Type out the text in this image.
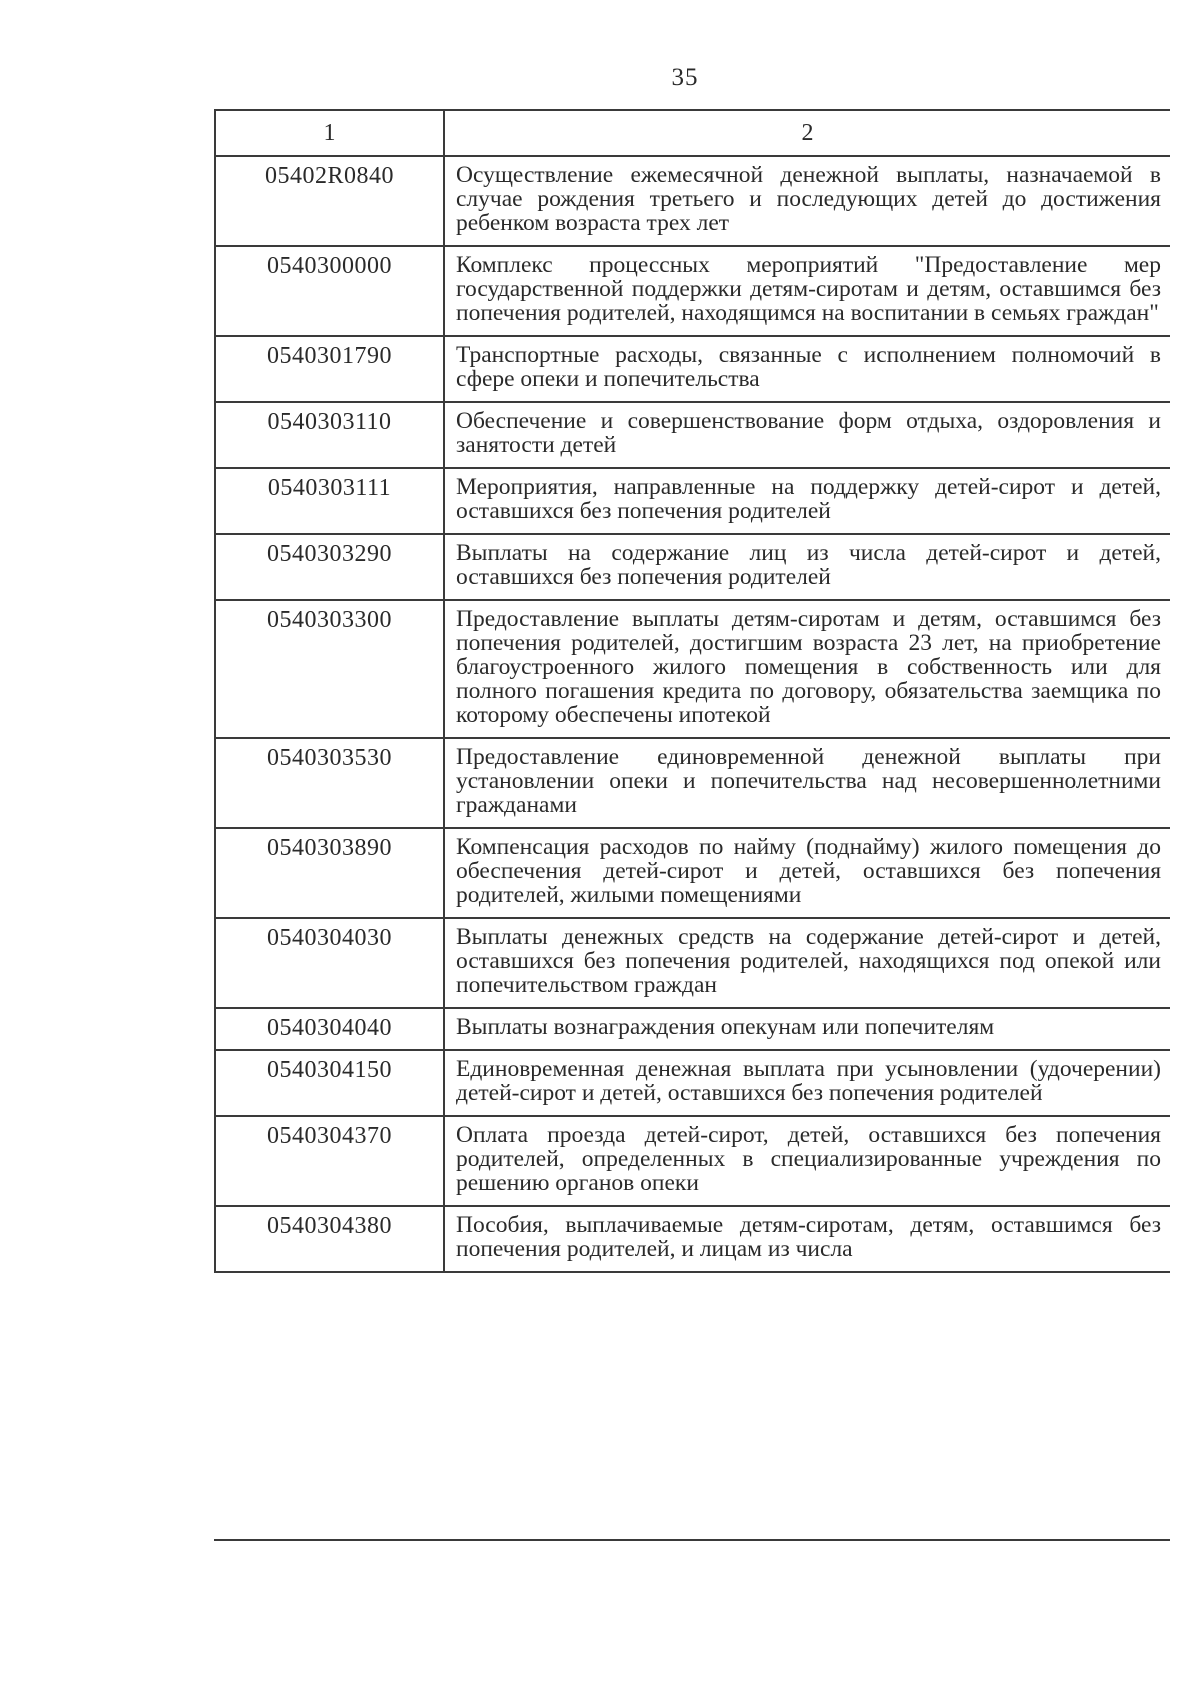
35
1	2
05402R0840	Осуществление ежемесячной денежной выплаты, назначаемой в случае рождения третьего и последующих детей до достижения ребенком возраста трех лет
0540300000	Комплекс процессных мероприятий "Предоставление мер государственной поддержки детям-сиротам и детям, оставшимся без попечения родителей, находящимся на воспитании в семьях граждан"
0540301790	Транспортные расходы, связанные с исполнением полномочий в сфере опеки и попечительства
0540303110	Обеспечение и совершенствование форм отдыха, оздоровления и занятости детей
0540303111	Мероприятия, направленные на поддержку детей-сирот и детей, оставшихся без попечения родителей
0540303290	Выплаты на содержание лиц из числа детей-сирот и детей, оставшихся без попечения родителей
0540303300	Предоставление выплаты детям-сиротам и детям, оставшимся без попечения родителей, достигшим возраста 23 лет, на приобретение благоустроенного жилого помещения в собственность или для полного погашения кредита по договору, обязательства заемщика по которому обеспечены ипотекой
0540303530	Предоставление единовременной денежной выплаты при установлении опеки и попечительства над несовершеннолетними гражданами
0540303890	Компенсация расходов по найму (поднайму) жилого помещения до обеспечения детей-сирот и детей, оставшихся без попечения родителей, жилыми помещениями
0540304030	Выплаты денежных средств на содержание детей-сирот и детей, оставшихся без попечения родителей, находящихся под опекой или попечительством граждан
0540304040	Выплаты вознаграждения опекунам или попечителям
0540304150	Единовременная денежная выплата при усыновлении (удочерении) детей-сирот и детей, оставшихся без попечения родителей
0540304370	Оплата проезда детей-сирот, детей, оставшихся без попечения родителей, определенных в специализированные учреждения по решению органов опеки
0540304380	Пособия, выплачиваемые детям-сиротам, детям, оставшимся без попечения родителей, и лицам из числа
